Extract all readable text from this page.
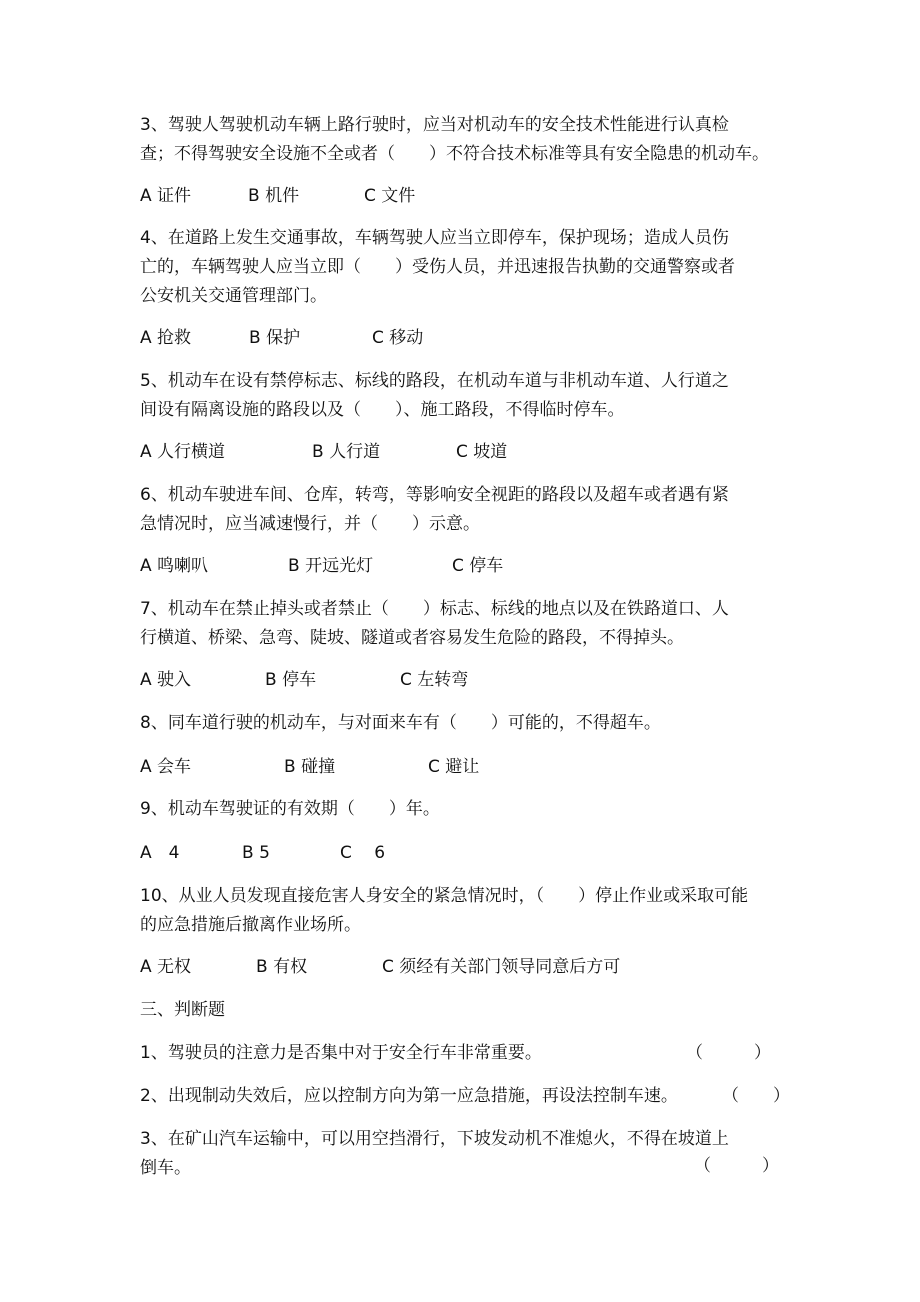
3、驾驶人驾驶机动车辆上路行驶时，应当对机动车的安全技术性能进行认真检
查；不得驾驶安全设施不全或者（　　）不符合技术标准等具有安全隐患的机动车。
A 证件	B 机件	C 文件
4、在道路上发生交通事故，车辆驾驶人应当立即停车，保护现场；造成人员伤
亡的，车辆驾驶人应当立即（　　）受伤人员，并迅速报告执勤的交通警察或者
公安机关交通管理部门。
A 抢救	B 保护	C 移动
5、机动车在设有禁停标志、标线的路段，在机动车道与非机动车道、人行道之
间设有隔离设施的路段以及（　　）、施工路段，不得临时停车。
A 人行横道	B 人行道	C 坡道
6、机动车驶进车间、仓库，转弯，等影响安全视距的路段以及超车或者遇有紧
急情况时，应当减速慢行，并（　　）示意。
A 鸣喇叭	B 开远光灯	C 停车
7、机动车在禁止掉头或者禁止（　　）标志、标线的地点以及在铁路道口、人
行横道、桥梁、急弯、陡坡、隧道或者容易发生危险的路段，不得掉头。
A 驶入	B 停车	C 左转弯
8、同车道行驶的机动车，与对面来车有（　　）可能的，不得超车。
A 会车	B 碰撞	C 避让
9、机动车驾驶证的有效期（　　）年。
A　4	B 5	C　 6
10、从业人员发现直接危害人身安全的紧急情况时，（　　）停止作业或采取可能
的应急措施后撤离作业场所。
A 无权	B 有权	C 须经有关部门领导同意后方可
三、判断题
1、驾驶员的注意力是否集中对于安全行车非常重要。	（　　　）
2、出现制动失效后，应以控制方向为第一应急措施，再设法控制车速。	（　　）
3、在矿山汽车运输中，可以用空挡滑行，下坡发动机不准熄火，不得在坡道上
倒车。	（　　　）
